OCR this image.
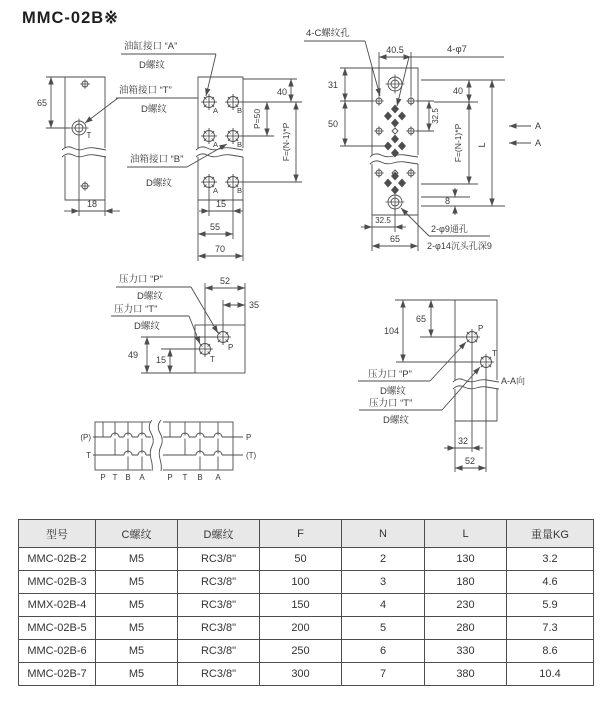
MMC-02B※
T
65
18
A	B
A	B
A	B
油缸接口 “A”
D螺纹
油箱接口 “T”
D螺纹
油箱接口 “B”
D螺纹
40
P=50
F=(N-1)*P
15
55
70
40.5
4-C螺纹孔
4-φ7
31
50
32.5
40
F=(N-1)*P L
8
A
A
32.5
65
2-φ9通孔
2-φ14沉头孔深9
P
T
压力口 “P”
D螺纹
压力口 “T”
D螺纹
52
35
49 15
P
T
65
104
A-A向
压力口 “P”
D螺纹
压力口 “T”
D螺纹
32
52
(P)
T
P
(T)
P T B A	P T B A
型号	C螺纹	D螺纹	F	N	L	重量KG
MMC-02B-2	M5	RC3/8"	50	2	130	3.2
MMC-02B-3	M5	RC3/8"	100	3	180	4.6
MMX-02B-4	M5	RC3/8"	150	4	230	5.9
MMC-02B-5	M5	RC3/8"	200	5	280	7.3
MMC-02B-6	M5	RC3/8"	250	6	330	8.6
MMC-02B-7	M5	RC3/8"	300	7	380	10.4
